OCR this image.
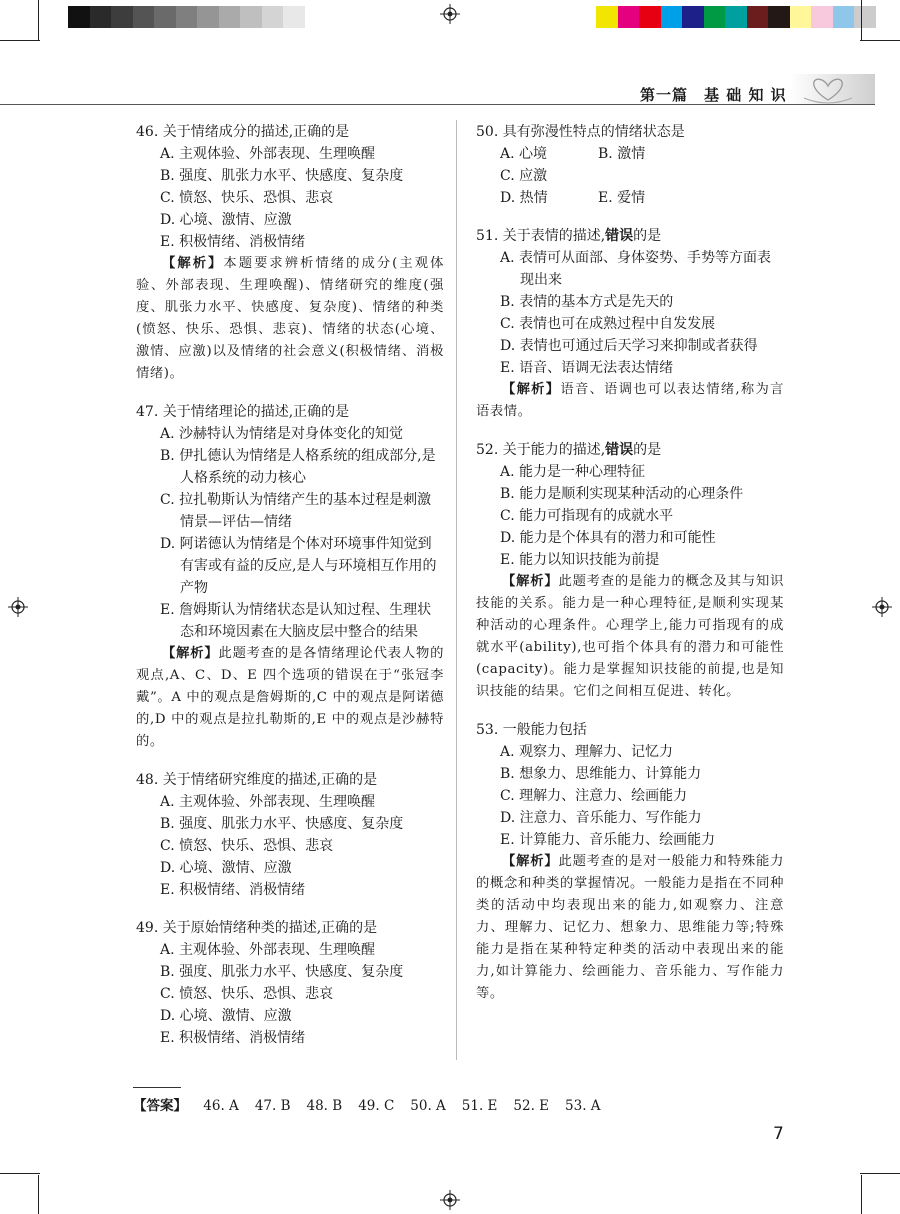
第一篇　基 础 知 识

46. 关于情绪成分的描述,正确的是

A. 主观体验、外部表现、生理唤醒

B. 强度、肌张力水平、快感度、复杂度

C. 愤怒、快乐、恐惧、悲哀

D. 心境、激情、应激

E. 积极情绪、消极情绪

【解析】本题要求辨析情绪的成分(主观体验、外部表现、生理唤醒)、情绪研究的维度(强度、肌张力水平、快感度、复杂度)、情绪的种类(愤怒、快乐、恐惧、悲哀)、情绪的状态(心境、激情、应激)以及情绪的社会意义(积极情绪、消极情绪)。

47. 关于情绪理论的描述,正确的是

A. 沙赫特认为情绪是对身体变化的知觉

B. 伊扎德认为情绪是人格系统的组成部分,是人格系统的动力核心

C. 拉扎勒斯认为情绪产生的基本过程是刺激情景—评估—情绪

D. 阿诺德认为情绪是个体对环境事件知觉到有害或有益的反应,是人与环境相互作用的产物

E. 詹姆斯认为情绪状态是认知过程、生理状态和环境因素在大脑皮层中整合的结果

【解析】此题考查的是各情绪理论代表人物的观点,A、C、D、E 四个选项的错误在于“张冠李戴”。A 中的观点是詹姆斯的,C 中的观点是阿诺德的,D 中的观点是拉扎勒斯的,E 中的观点是沙赫特的。

48. 关于情绪研究维度的描述,正确的是

A. 主观体验、外部表现、生理唤醒

B. 强度、肌张力水平、快感度、复杂度

C. 愤怒、快乐、恐惧、悲哀

D. 心境、激情、应激

E. 积极情绪、消极情绪

49. 关于原始情绪种类的描述,正确的是

A. 主观体验、外部表现、生理唤醒

B. 强度、肌张力水平、快感度、复杂度

C. 愤怒、快乐、恐惧、悲哀

D. 心境、激情、应激

E. 积极情绪、消极情绪

50. 具有弥漫性特点的情绪状态是

A. 心境	B. 激情C. 应激

D. 热情	E. 爱情

51. 关于表情的描述,错误的是

A. 表情可从面部、身体姿势、手势等方面表现出来

B. 表情的基本方式是先天的

C. 表情也可在成熟过程中自发发展

D. 表情也可通过后天学习来抑制或者获得

E. 语音、语调无法表达情绪

【解析】语音、语调也可以表达情绪,称为言语表情。

52. 关于能力的描述,错误的是

A. 能力是一种心理特征

B. 能力是顺利实现某种活动的心理条件

C. 能力可指现有的成就水平

D. 能力是个体具有的潜力和可能性

E. 能力以知识技能为前提

【解析】此题考查的是能力的概念及其与知识技能的关系。能力是一种心理特征,是顺利实现某种活动的心理条件。心理学上,能力可指现有的成就水平(ability),也可指个体具有的潜力和可能性(capacity)。能力是掌握知识技能的前提,也是知识技能的结果。它们之间相互促进、转化。

53. 一般能力包括

A. 观察力、理解力、记忆力

B. 想象力、思维能力、计算能力

C. 理解力、注意力、绘画能力

D. 注意力、音乐能力、写作能力

E. 计算能力、音乐能力、绘画能力

【解析】此题考查的是对一般能力和特殊能力的概念和种类的掌握情况。一般能力是指在不同种类的活动中均表现出来的能力,如观察力、注意力、理解力、记忆力、想象力、思维能力等;特殊能力是指在某种特定种类的活动中表现出来的能力,如计算能力、绘画能力、音乐能力、写作能力等。

【答案】 46. A 47. B 48. B 49. C 50. A 51. E 52. E 53. A
7
